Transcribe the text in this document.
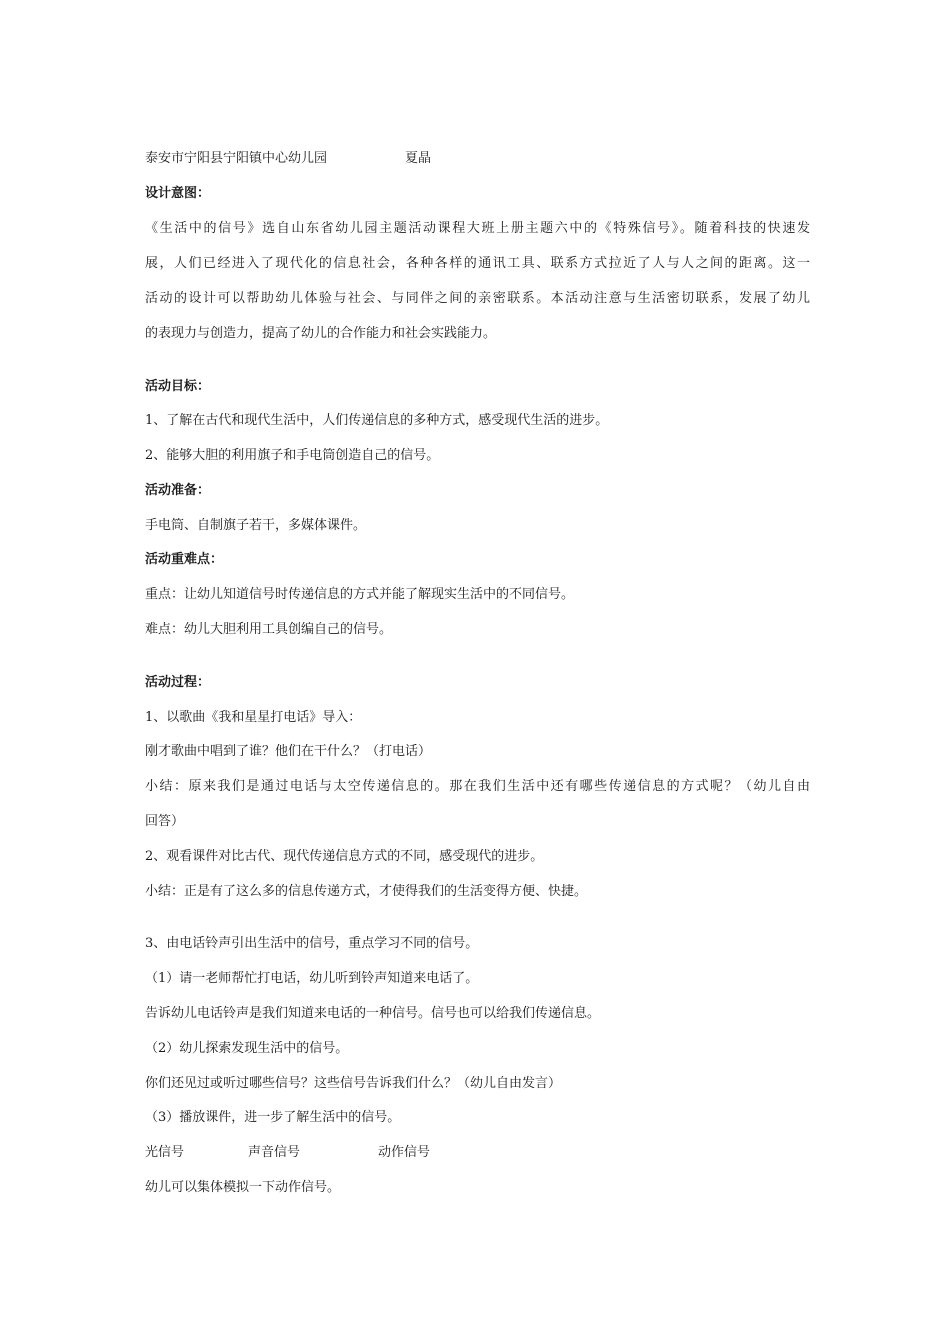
泰安市宁阳县宁阳镇中心幼儿园	夏晶
设计意图：
《生活中的信号》选自山东省幼儿园主题活动课程大班上册主题六中的《特殊信号》。随着科技的快速发
展，人们已经进入了现代化的信息社会，各种各样的通讯工具、联系方式拉近了人与人之间的距离。这一
活动的设计可以帮助幼儿体验与社会、与同伴之间的亲密联系。本活动注意与生活密切联系，发展了幼儿
的表现力与创造力，提高了幼儿的合作能力和社会实践能力。
活动目标：
1、了解在古代和现代生活中，人们传递信息的多种方式，感受现代生活的进步。
2、能够大胆的利用旗子和手电筒创造自己的信号。
活动准备：
手电筒、自制旗子若干，多媒体课件。
活动重难点：
重点：让幼儿知道信号时传递信息的方式并能了解现实生活中的不同信号。
难点：幼儿大胆利用工具创编自己的信号。
活动过程：
1、以歌曲《我和星星打电话》导入：
刚才歌曲中唱到了谁？他们在干什么？（打电话）
小结：原来我们是通过电话与太空传递信息的。那在我们生活中还有哪些传递信息的方式呢？（幼儿自由
回答）
2、观看课件对比古代、现代传递信息方式的不同，感受现代的进步。
小结：正是有了这么多的信息传递方式，才使得我们的生活变得方便、快捷。
3、由电话铃声引出生活中的信号，重点学习不同的信号。
（1）请一老师帮忙打电话，幼儿听到铃声知道来电话了。
告诉幼儿电话铃声是我们知道来电话的一种信号。信号也可以给我们传递信息。
（2）幼儿探索发现生活中的信号。
你们还见过或听过哪些信号？这些信号告诉我们什么？（幼儿自由发言）
（3）播放课件，进一步了解生活中的信号。
光信号	声音信号	动作信号
幼儿可以集体模拟一下动作信号。
